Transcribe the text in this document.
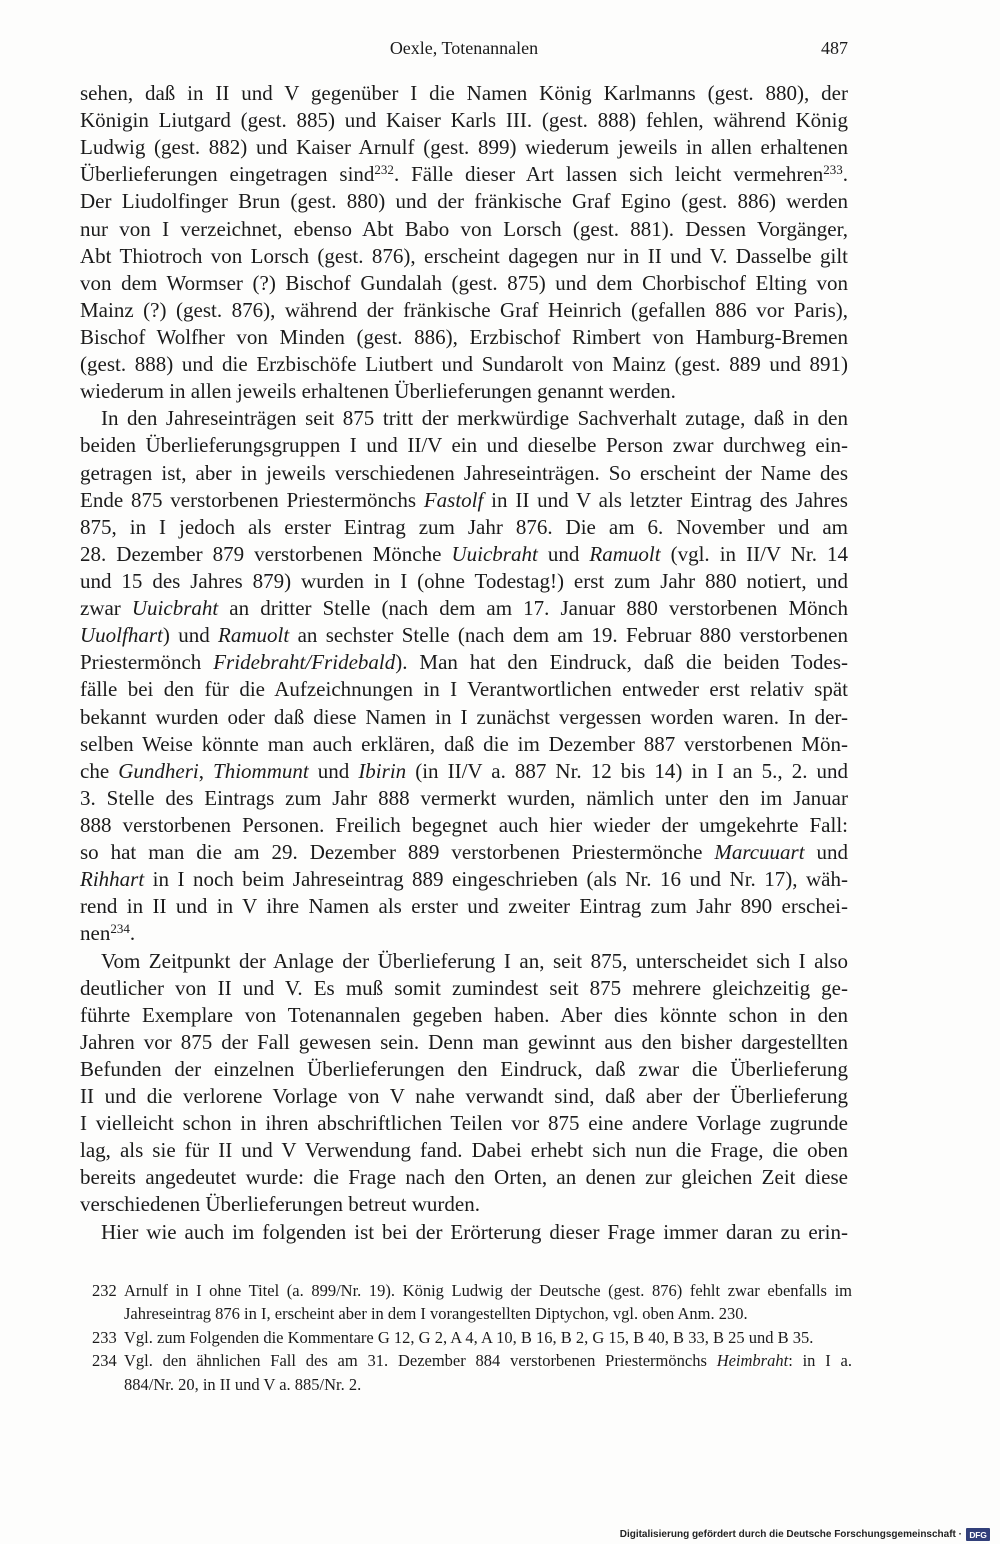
Oexle, Totenannalen	487
sehen, daß in II und V gegenüber I die Namen König Karlmanns (gest. 880), der
Königin Liutgard (gest. 885) und Kaiser Karls III. (gest. 888) fehlen, während König
Ludwig (gest. 882) und Kaiser Arnulf (gest. 899) wiederum jeweils in allen erhaltenen
Überlieferungen eingetragen sind$^{232}$. Fälle dieser Art lassen sich leicht vermehren$^{233}$.
Der Liudolfinger Brun (gest. 880) und der fränkische Graf Egino (gest. 886) werden
nur von I verzeichnet, ebenso Abt Babo von Lorsch (gest. 881). Dessen Vorgänger,
Abt Thiotroch von Lorsch (gest. 876), erscheint dagegen nur in II und V. Dasselbe gilt
von dem Wormser (?) Bischof Gundalah (gest. 875) und dem Chorbischof Elting von
Mainz (?) (gest. 876), während der fränkische Graf Heinrich (gefallen 886 vor Paris),
Bischof Wolfher von Minden (gest. 886), Erzbischof Rimbert von Hamburg-Bremen
(gest. 888) und die Erzbischöfe Liutbert und Sundarolt von Mainz (gest. 889 und 891)
wiederum in allen jeweils erhaltenen Überlieferungen genannt werden.
In den Jahreseinträgen seit 875 tritt der merkwürdige Sachverhalt zutage, daß in den
beiden Überlieferungsgruppen I und II/V ein und dieselbe Person zwar durchweg ein-
getragen ist, aber in jeweils verschiedenen Jahreseinträgen. So erscheint der Name des
Ende 875 verstorbenen Priestermönchs Fastolf in II und V als letzter Eintrag des Jahres
875, in I jedoch als erster Eintrag zum Jahr 876. Die am 6. November und am
28. Dezember 879 verstorbenen Mönche Uuicbraht und Ramuolt (vgl. in II/V Nr. 14
und 15 des Jahres 879) wurden in I (ohne Todestag!) erst zum Jahr 880 notiert, und
zwar Uuicbraht an dritter Stelle (nach dem am 17. Januar 880 verstorbenen Mönch
Uuolfhart) und Ramuolt an sechster Stelle (nach dem am 19. Februar 880 verstorbenen
Priestermönch Fridebraht/Fridebald). Man hat den Eindruck, daß die beiden Todes-
fälle bei den für die Aufzeichnungen in I Verantwortlichen entweder erst relativ spät
bekannt wurden oder daß diese Namen in I zunächst vergessen worden waren. In der-
selben Weise könnte man auch erklären, daß die im Dezember 887 verstorbenen Mön-
che Gundheri, Thiommunt und Ibirin (in II/V a. 887 Nr. 12 bis 14) in I an 5., 2. und
3. Stelle des Eintrags zum Jahr 888 vermerkt wurden, nämlich unter den im Januar
888 verstorbenen Personen. Freilich begegnet auch hier wieder der umgekehrte Fall:
so hat man die am 29. Dezember 889 verstorbenen Priestermönche Marcuuart und
Rihhart in I noch beim Jahreseintrag 889 eingeschrieben (als Nr. 16 und Nr. 17), wäh-
rend in II und in V ihre Namen als erster und zweiter Eintrag zum Jahr 890 erschei-
nen$^{234}$.
Vom Zeitpunkt der Anlage der Überlieferung I an, seit 875, unterscheidet sich I also
deutlicher von II und V. Es muß somit zumindest seit 875 mehrere gleichzeitig ge-
führte Exemplare von Totenannalen gegeben haben. Aber dies könnte schon in den
Jahren vor 875 der Fall gewesen sein. Denn man gewinnt aus den bisher dargestellten
Befunden der einzelnen Überlieferungen den Eindruck, daß zwar die Überlieferung
II und die verlorene Vorlage von V nahe verwandt sind, daß aber der Überlieferung
I vielleicht schon in ihren abschriftlichen Teilen vor 875 eine andere Vorlage zugrunde
lag, als sie für II und V Verwendung fand. Dabei erhebt sich nun die Frage, die oben
bereits angedeutet wurde: die Frage nach den Orten, an denen zur gleichen Zeit diese
verschiedenen Überlieferungen betreut wurden.
Hier wie auch im folgenden ist bei der Erörterung dieser Frage immer daran zu erin-
232 Arnulf in I ohne Titel (a. 899/Nr. 19). König Ludwig der Deutsche (gest. 876) fehlt zwar ebenfalls im
Jahreseintrag 876 in I, erscheint aber in dem I vorangestellten Diptychon, vgl. oben Anm. 230.
233 Vgl. zum Folgenden die Kommentare G 12, G 2, A 4, A 10, B 16, B 2, G 15, B 40, B 33, B 25 und B 35.
234 Vgl. den ähnlichen Fall des am 31. Dezember 884 verstorbenen Priestermönchs Heimbraht: in I a.
884/Nr. 20, in II und V a. 885/Nr. 2.
Digitalisierung gefördert durch die Deutsche Forschungsgemeinschaft · DFG
